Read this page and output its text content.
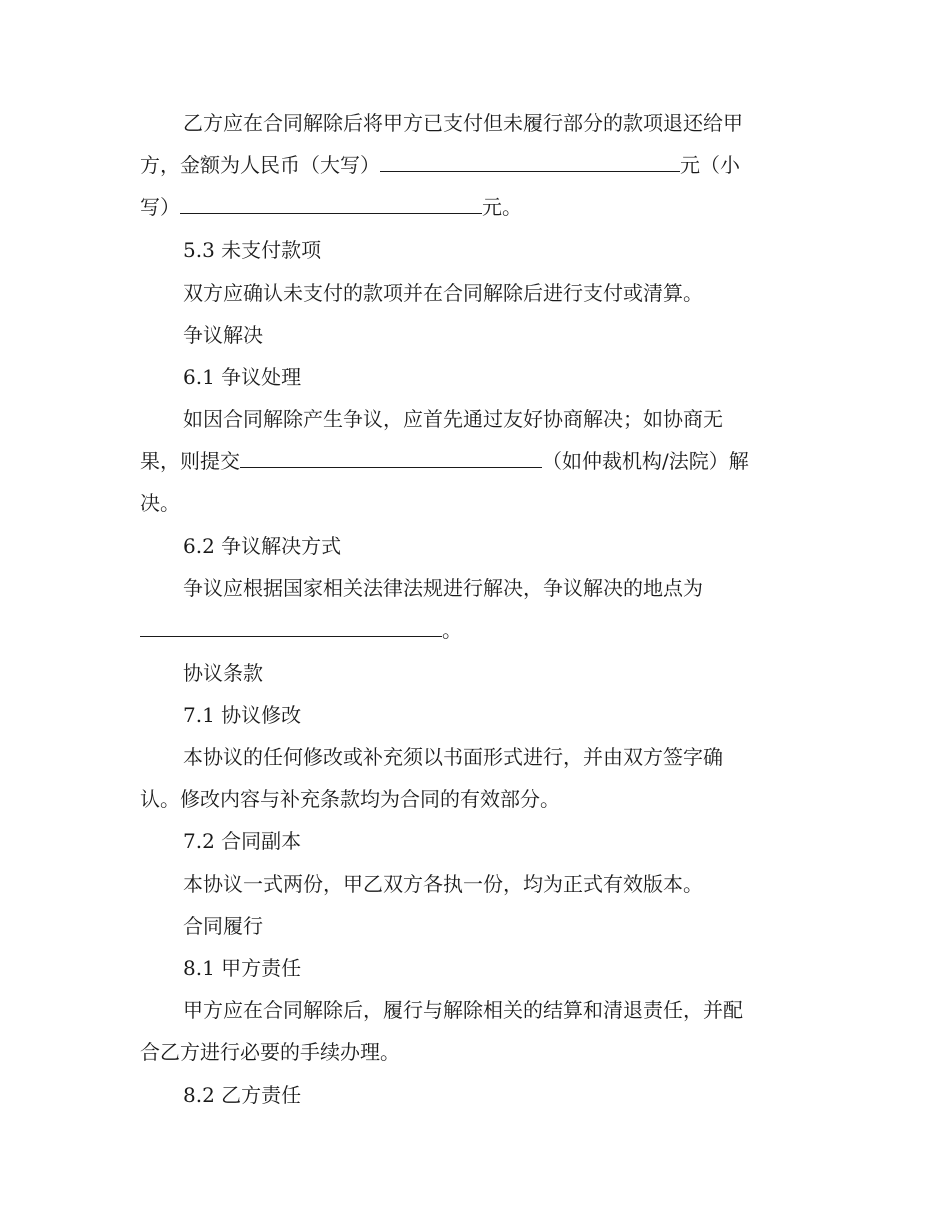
乙方应在合同解除后将甲方已支付但未履行部分的款项退还给甲
方，金额为人民币（大写）	元（小
写）	元。
5.3 未支付款项
双方应确认未支付的款项并在合同解除后进行支付或清算。
争议解决
6.1 争议处理
如因合同解除产生争议，应首先通过友好协商解决；如协商无
果，则提交	（如仲裁机构/法院）解
决。
6.2 争议解决方式
争议应根据国家相关法律法规进行解决，争议解决的地点为
。
协议条款
7.1 协议修改
本协议的任何修改或补充须以书面形式进行，并由双方签字确
认。修改内容与补充条款均为合同的有效部分。
7.2 合同副本
本协议一式两份，甲乙双方各执一份，均为正式有效版本。
合同履行
8.1 甲方责任
甲方应在合同解除后，履行与解除相关的结算和清退责任，并配
合乙方进行必要的手续办理。
8.2 乙方责任
